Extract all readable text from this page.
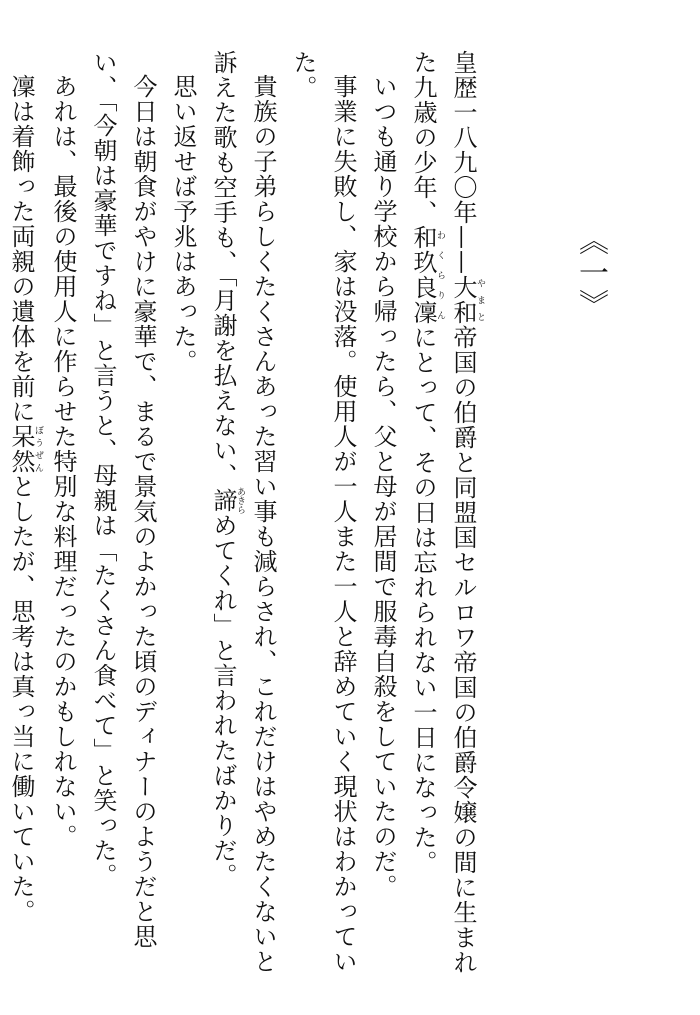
《一》

皇歴一八九〇年——大和やまと帝国の伯爵と同盟国セルロワ帝国の伯爵令嬢の間に生まれた九歳の少年、和玖良凜わくらりんにとって、その日は忘れられない一日になった。

いつも通り学校から帰ったら、父と母が居間で服毒自殺をしていたのだ。

事業に失敗し、家は没落。使用人が一人また一人と辞めていく現状はわかっていた。

貴族の子弟らしくたくさんあった習い事も減らされ、これだけはやめたくないと訴えた歌も空手も、「月謝を払えない、諦あきらめてくれ」と言われたばかりだ。

思い返せば予兆はあった。

今日は朝食がやけに豪華で、まるで景気のよかった頃のディナーのようだと思い、「今朝は豪華ですね」と言うと、母親は「たくさん食べて」と笑った。

あれは、最後の使用人に作らせた特別な料理だったのかもしれない。

凜は着飾った両親の遺体を前に呆然ぼうぜんとしたが、思考は真っ当に働いていた。
